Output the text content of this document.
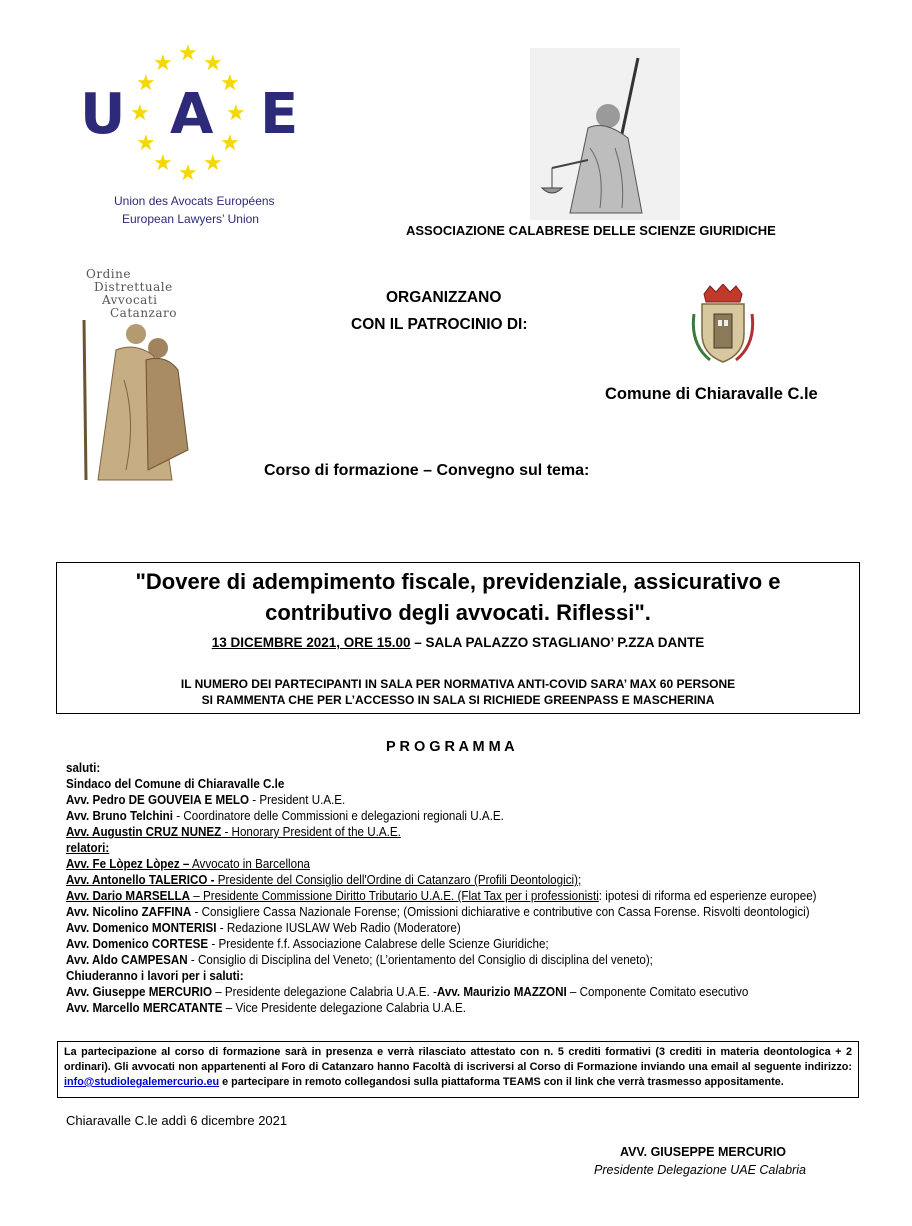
★ ★
★
★	★
★	★
★	★
★ ★
★
U A E
Union des Avocats Européens
European Lawyers’ Union
ASSOCIAZIONE CALABRESE DELLE SCIENZE GIURIDICHE
Ordine
Distrettuale
Avvocati
Catanzaro
ORGANIZZANO
CON IL PATROCINIO DI:
Comune di Chiaravalle C.le
Corso di formazione – Convegno sul tema:
"Dovere di adempimento fiscale, previdenziale, assicurativo e
contributivo degli avvocati. Riflessi".
13 DICEMBRE 2021, ORE 15.00 – SALA PALAZZO STAGLIANO’ P.ZZA DANTE
IL NUMERO DEI PARTECIPANTI IN SALA PER NORMATIVA ANTI-COVID SARA’ MAX 60 PERSONE
SI RAMMENTA CHE PER L’ACCESSO IN SALA SI RICHIEDE GREENPASS E MASCHERINA
P R O G R A M M A
saluti:
Sindaco del Comune di Chiaravalle C.le
Avv. Pedro DE GOUVEIA E MELO - President U.A.E.
Avv. Bruno Telchini - Coordinatore delle Commissioni e delegazioni regionali U.A.E.
Avv. Augustin CRUZ NUNEZ - Honorary President of the U.A.E.
relatori:
Avv. Fe Lòpez Lòpez – Avvocato in Barcellona
Avv. Antonello TALERICO - Presidente del Consiglio dell'Ordine di Catanzaro (Profili Deontologici);
Avv. Dario MARSELLA – Presidente Commissione Diritto Tributario U.A.E. (Flat Tax per i professionisti: ipotesi di riforma ed esperienze europee)
Avv. Nicolino ZAFFINA - Consigliere Cassa Nazionale Forense; (Omissioni dichiarative e contributive con Cassa Forense. Risvolti deontologici)
Avv. Domenico MONTERISI - Redazione IUSLAW Web Radio (Moderatore)
Avv. Domenico CORTESE - Presidente f.f. Associazione Calabrese delle Scienze Giuridiche;
Avv. Aldo CAMPESAN - Consiglio di Disciplina del Veneto; (L’orientamento del Consiglio di disciplina del veneto);
Chiuderanno i lavori per i saluti:
Avv. Giuseppe MERCURIO – Presidente delegazione Calabria U.A.E. -Avv. Maurizio MAZZONI – Componente Comitato esecutivo
Avv. Marcello MERCATANTE – Vice Presidente delegazione Calabria U.A.E.
La partecipazione al corso di formazione sarà in presenza e verrà rilasciato attestato con n. 5 crediti formativi (3 crediti in materia deontologica + 2 ordinari). Gli avvocati non appartenenti al Foro di Catanzaro hanno Facoltà di iscriversi al Corso di Formazione inviando una email al seguente indirizzo: info@studiolegalemercurio.eu e partecipare in remoto collegandosi sulla piattaforma TEAMS con il link che verrà trasmesso appositamente.
Chiaravalle C.le addì 6 dicembre 2021
AVV. GIUSEPPE MERCURIO
Presidente Delegazione UAE Calabria
